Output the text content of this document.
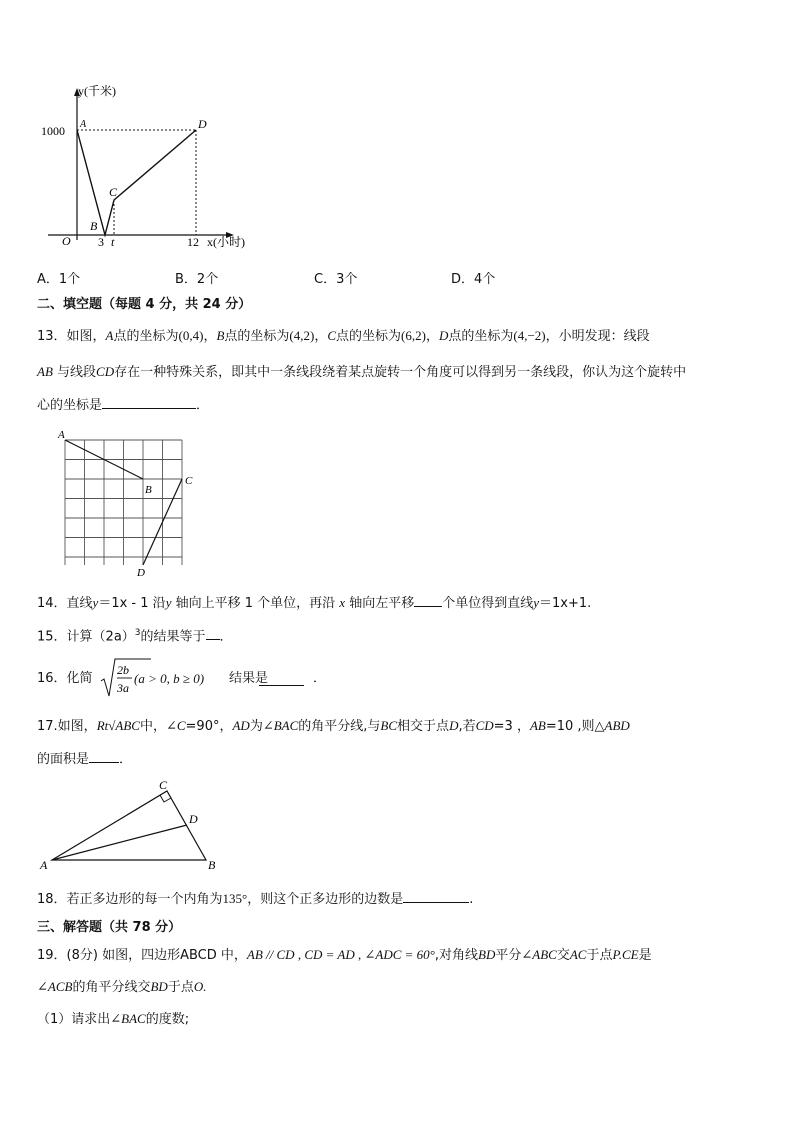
y(千米)
1000 A	D
C
B
O 3 t	12 x(小时)
A．1个	B．2个	C．3个	D．4个
二、填空题（每题 4 分，共 24 分）
13．如图，A点的坐标为(0,4)，B点的坐标为(4,2)，C点的坐标为(6,2)，D点的坐标为(4,−2)，小明发现：线段
AB 与线段CD存在一种特殊关系，即其中一条线段绕着某点旋转一个角度可以得到另一条线段，你认为这个旋转中
心的坐标是	．
A
B
C
D
14．直线y＝1x - 1 沿y 轴向上平移 1 个单位，再沿 x 轴向左平移 个单位得到直线y＝1x+1.
15．计算$(2a)^3$的结果等于 ．
16．化简
2b
3a
(a > 0, b ≥ 0) 结果是	．
17.如图，Rt√ABC中，∠C=90°，AD为∠BAC的角平分线,与BC相交于点D,若CD=3 ，AB=10 ,则△ABD
的面积是 ．
C
D
A	B
18．若正多边形的每一个内角为135°，则这个正多边形的边数是	.
三、解答题（共 78 分）
19．(8分) 如图，四边形ABCD 中，AB // CD , CD = AD , ∠ADC = 60°,对角线BD平分∠ABC交AC于点P.CE是
∠ACB的角平分线交BD于点O.
（1）请求出∠BAC的度数;
